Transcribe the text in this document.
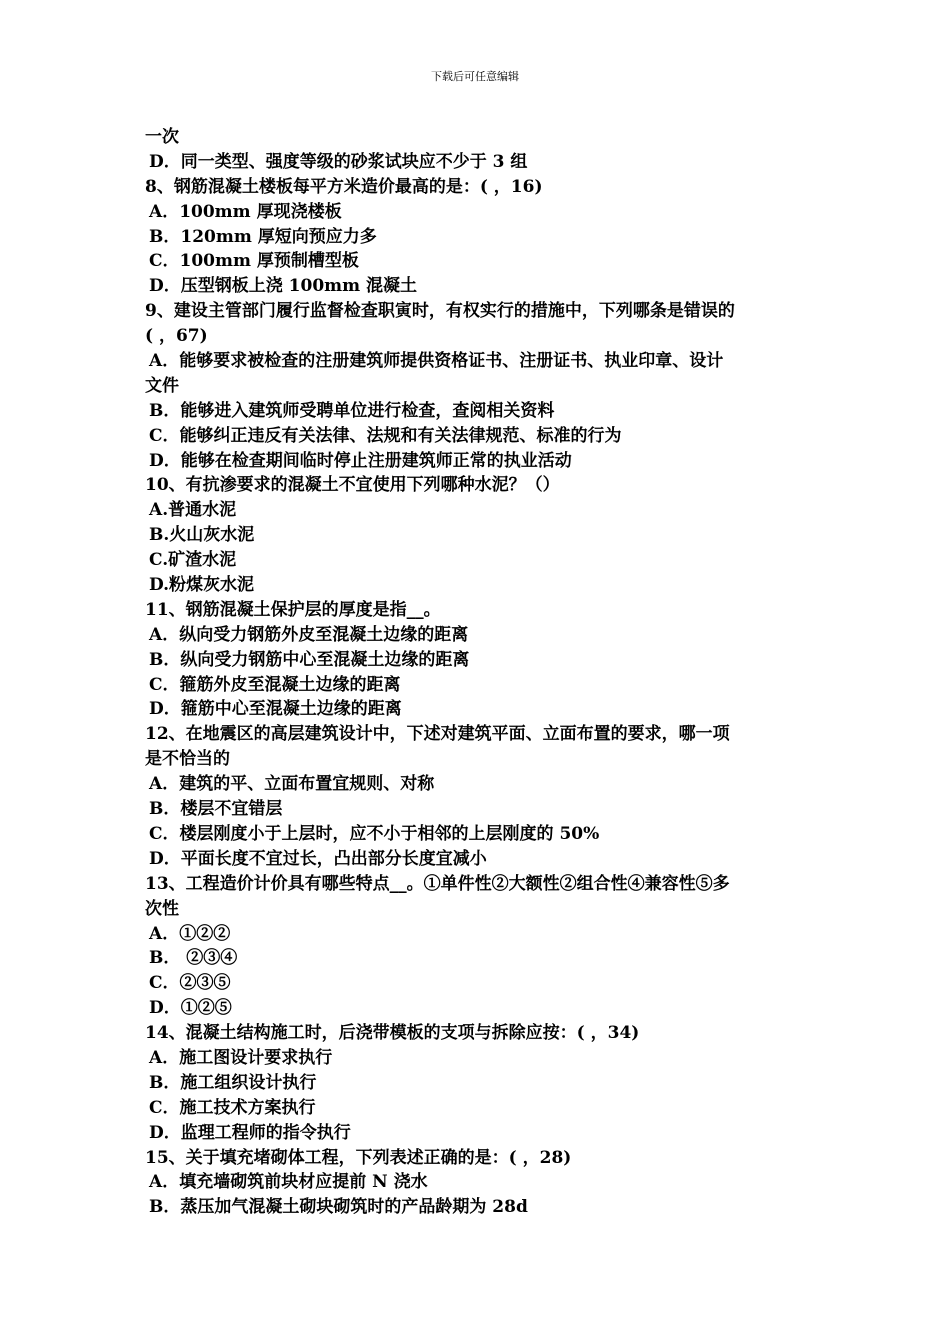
下载后可任意编辑
一次
D．同一类型、强度等级的砂浆试块应不少于 3 组
8、钢筋混凝土楼板每平方米造价最高的是：( ，16)
A．100mm 厚现浇楼板
B．120mm 厚短向预应力多
C．100mm 厚预制槽型板
D．压型钢板上浇 100mm 混凝土
9、建设主管部门履行监督检查职寅时，有权实行的措施中，下列哪条是错误的
( ，67)
A．能够要求被检查的注册建筑师提供资格证书、注册证书、执业印章、设计
文件
B．能够进入建筑师受聘单位进行检查，查阅相关资料
C．能够纠正违反有关法律、法规和有关法律规范、标准的行为
D．能够在检查期间临时停止注册建筑师正常的执业活动
10、有抗渗要求的混凝土不宜使用下列哪种水泥？（）
A.普通水泥
B.火山灰水泥
C.矿渣水泥
D.粉煤灰水泥
11、钢筋混凝土保护层的厚度是指__。
A．纵向受力钢筋外皮至混凝土边缘的距离
B．纵向受力钢筋中心至混凝土边缘的距离
C．箍筋外皮至混凝土边缘的距离
D．箍筋中心至混凝土边缘的距离
12、在地震区的高层建筑设计中，下述对建筑平面、立面布置的要求，哪一项
是不恰当的
A．建筑的平、立面布置宜规则、对称
B．楼层不宜错层
C．楼层刚度小于上层时，应不小于相邻的上层刚度的 50%
D．平面长度不宜过长，凸出部分长度宜减小
13、工程造价计价具有哪些特点__。①单件性②大额性②组合性④兼容性⑤多
次性
A．①②②
B． ②③④
C．②③⑤
D．①②⑤
14、混凝土结构施工时，后浇带模板的支项与拆除应按：( ，34)
A．施工图设计要求执行
B．施工组织设计执行
C．施工技术方案执行
D．监理工程师的指令执行
15、关于填充堵砌体工程，下列表述正确的是：( ，28)
A．填充墙砌筑前块材应提前 N 浇水
B．蒸压加气混凝土砌块砌筑时的产品龄期为 28d
